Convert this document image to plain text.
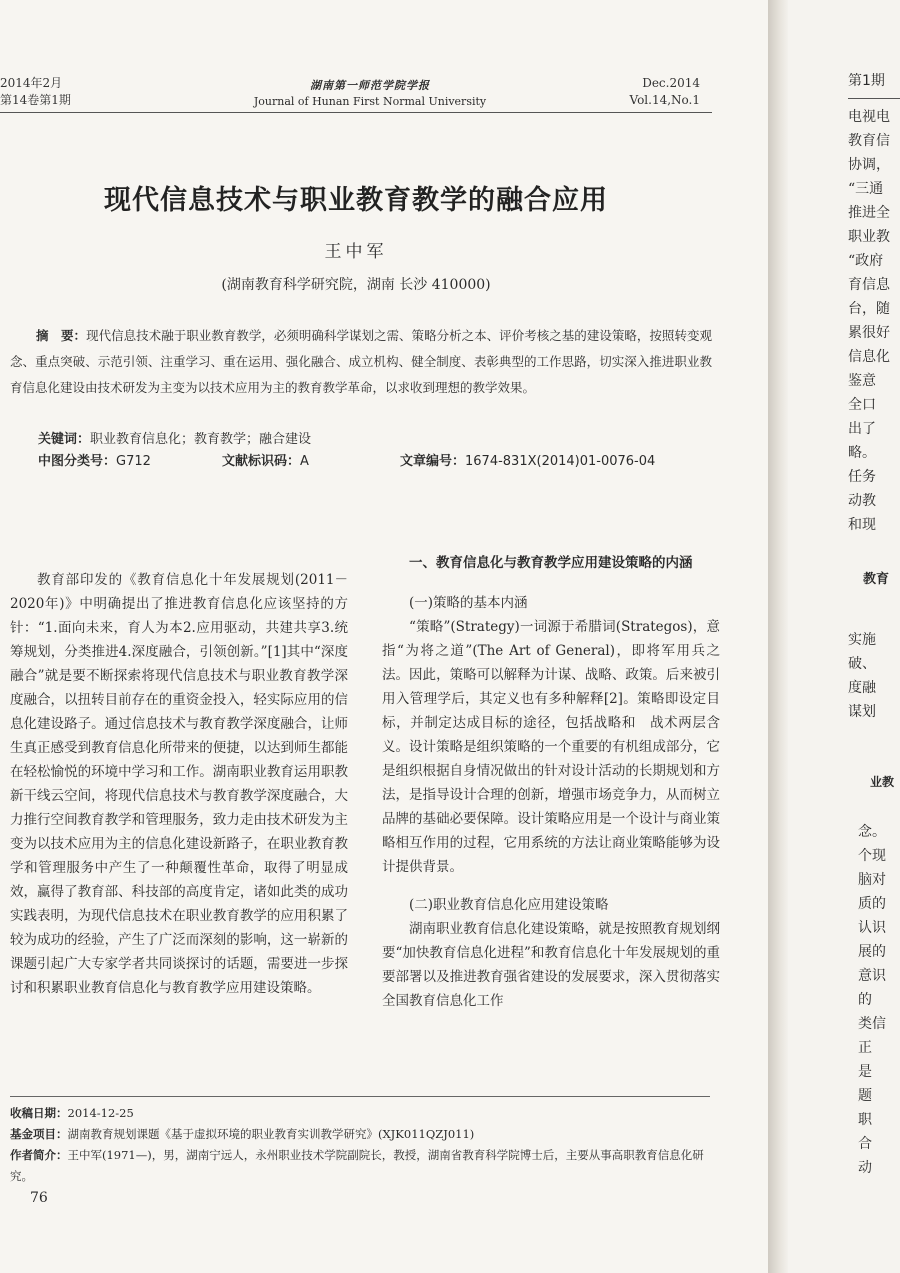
2014年2月
第14卷第1期
湖南第一师范学院学报
Journal of Hunan First Normal University
Dec.2014
Vol.14,No.1
现代信息技术与职业教育教学的融合应用
王中军
(湖南教育科学研究院，湖南 长沙 410000)
摘　要：现代信息技术融于职业教育教学，必须明确科学谋划之需、策略分析之本、评价考核之基的建设策略，按照转变观念、重点突破、示范引领、注重学习、重在运用、强化融合、成立机构、健全制度、表彰典型的工作思路，切实深入推进职业教育信息化建设由技术研发为主变为以技术应用为主的教育教学革命，以求收到理想的教学效果。
关键词：职业教育信息化；教育教学；融合建设
中图分类号：G712	文献标识码：A	文章编号：1674-831X(2014)01-0076-04

教育部印发的《教育信息化十年发展规划(2011－2020年)》中明确提出了推进教育信息化应该坚持的方针：“1.面向未来，育人为本2.应用驱动，共建共享3.统筹规划，分类推进4.深度融合，引领创新。”[1]其中“深度融合”就是要不断探索将现代信息技术与职业教育教学深度融合，以扭转目前存在的重资金投入，轻实际应用的信息化建设路子。通过信息技术与教育教学深度融合，让师生真正感受到教育信息化所带来的便捷，以达到师生都能在轻松愉悦的环境中学习和工作。湖南职业教育运用职教新干线云空间，将现代信息技术与教育教学深度融合，大力推行空间教育教学和管理服务，致力走由技术研发为主变为以技术应用为主的信息化建设新路子，在职业教育教学和管理服务中产生了一种颠覆性革命，取得了明显成效，赢得了教育部、科技部的高度肯定，诸如此类的成功实践表明，为现代信息技术在职业教育教学的应用积累了较为成功的经验，产生了广泛而深刻的影响，这一崭新的课题引起广大专家学者共同谈探讨的话题，需要进一步探讨和积累职业教育信息化与教育教学应用建设策略。

一、教育信息化与教育教学应用建设策略的内涵
(一)策略的基本内涵

“策略”(Strategy)一词源于希腊词(Strategos)，意指“为将之道”(The Art of General)，即将军用兵之法。因此，策略可以解释为计谋、战略、政策。后来被引用入管理学后，其定义也有多种解释[2]。策略即设定目标，并制定达成目标的途径，包括战略和　战术两层含义。设计策略是组织策略的一个重要的有机组成部分，它是组织根据自身情况做出的针对设计活动的长期规划和方法，是指导设计合理的创新，增强市场竞争力，从而树立品牌的基础必要保障。设计策略应用是一个设计与商业策略相互作用的过程，它用系统的方法让商业策略能够为设计提供背景。

(二)职业教育信息化应用建设策略

湖南职业教育信息化建设策略，就是按照教育规划纲要“加快教育信息化进程”和教育信息化十年发展规划的重要部署以及推进教育强省建设的发展要求，深入贯彻落实全国教育信息化工作

收稿日期：2014-12-25
基金项目：湖南教育规划课题《基于虚拟环境的职业教育实训教学研究》(XJK011QZJ011)
作者简介：王中军(1971—)，男，湖南宁远人，永州职业技术学院副院长，教授，湖南省教育科学院博士后，主要从事高职教育信息化研究。
76
第1期
电视电
教育信
协调，
“三通
推进全
职业教
“政府
育信息
台，随
累很好
信息化
鉴意
全口
出了
略。
任务
动教
和现
教育
实施
破、
度融
谋划
业教
念。
个现
脑对
质的
认识
展的
意识
的
类信
正
是
题
职
合
动
